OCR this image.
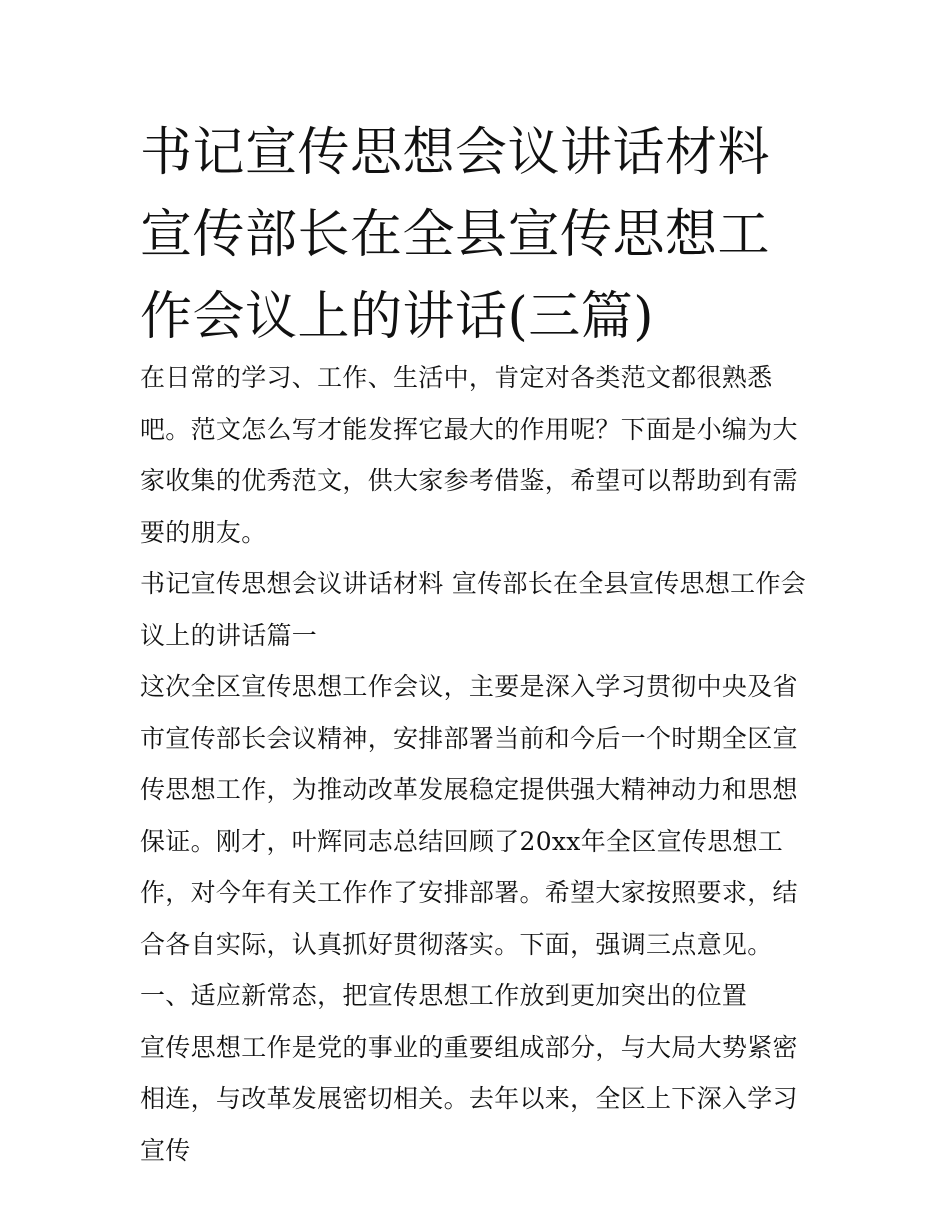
书记宣传思想会议讲话材料 宣传部长在全县宣传思想工作会议上的讲话(三篇)

在日常的学习、工作、生活中，肯定对各类范文都很熟悉吧。范文怎么写才能发挥它最大的作用呢？下面是小编为大家收集的优秀范文，供大家参考借鉴，希望可以帮助到有需要的朋友。

书记宣传思想会议讲话材料 宣传部长在全县宣传思想工作会议上的讲话篇一

这次全区宣传思想工作会议，主要是深入学习贯彻中央及省市宣传部长会议精神，安排部署当前和今后一个时期全区宣传思想工作，为推动改革发展稳定提供强大精神动力和思想保证。刚才，叶辉同志总结回顾了20xx年全区宣传思想工作，对今年有关工作作了安排部署。希望大家按照要求，结合各自实际，认真抓好贯彻落实。下面，强调三点意见。

一、适应新常态，把宣传思想工作放到更加突出的位置

宣传思想工作是党的事业的重要组成部分，与大局大势紧密相连，与改革发展密切相关。去年以来，全区上下深入学习宣传
